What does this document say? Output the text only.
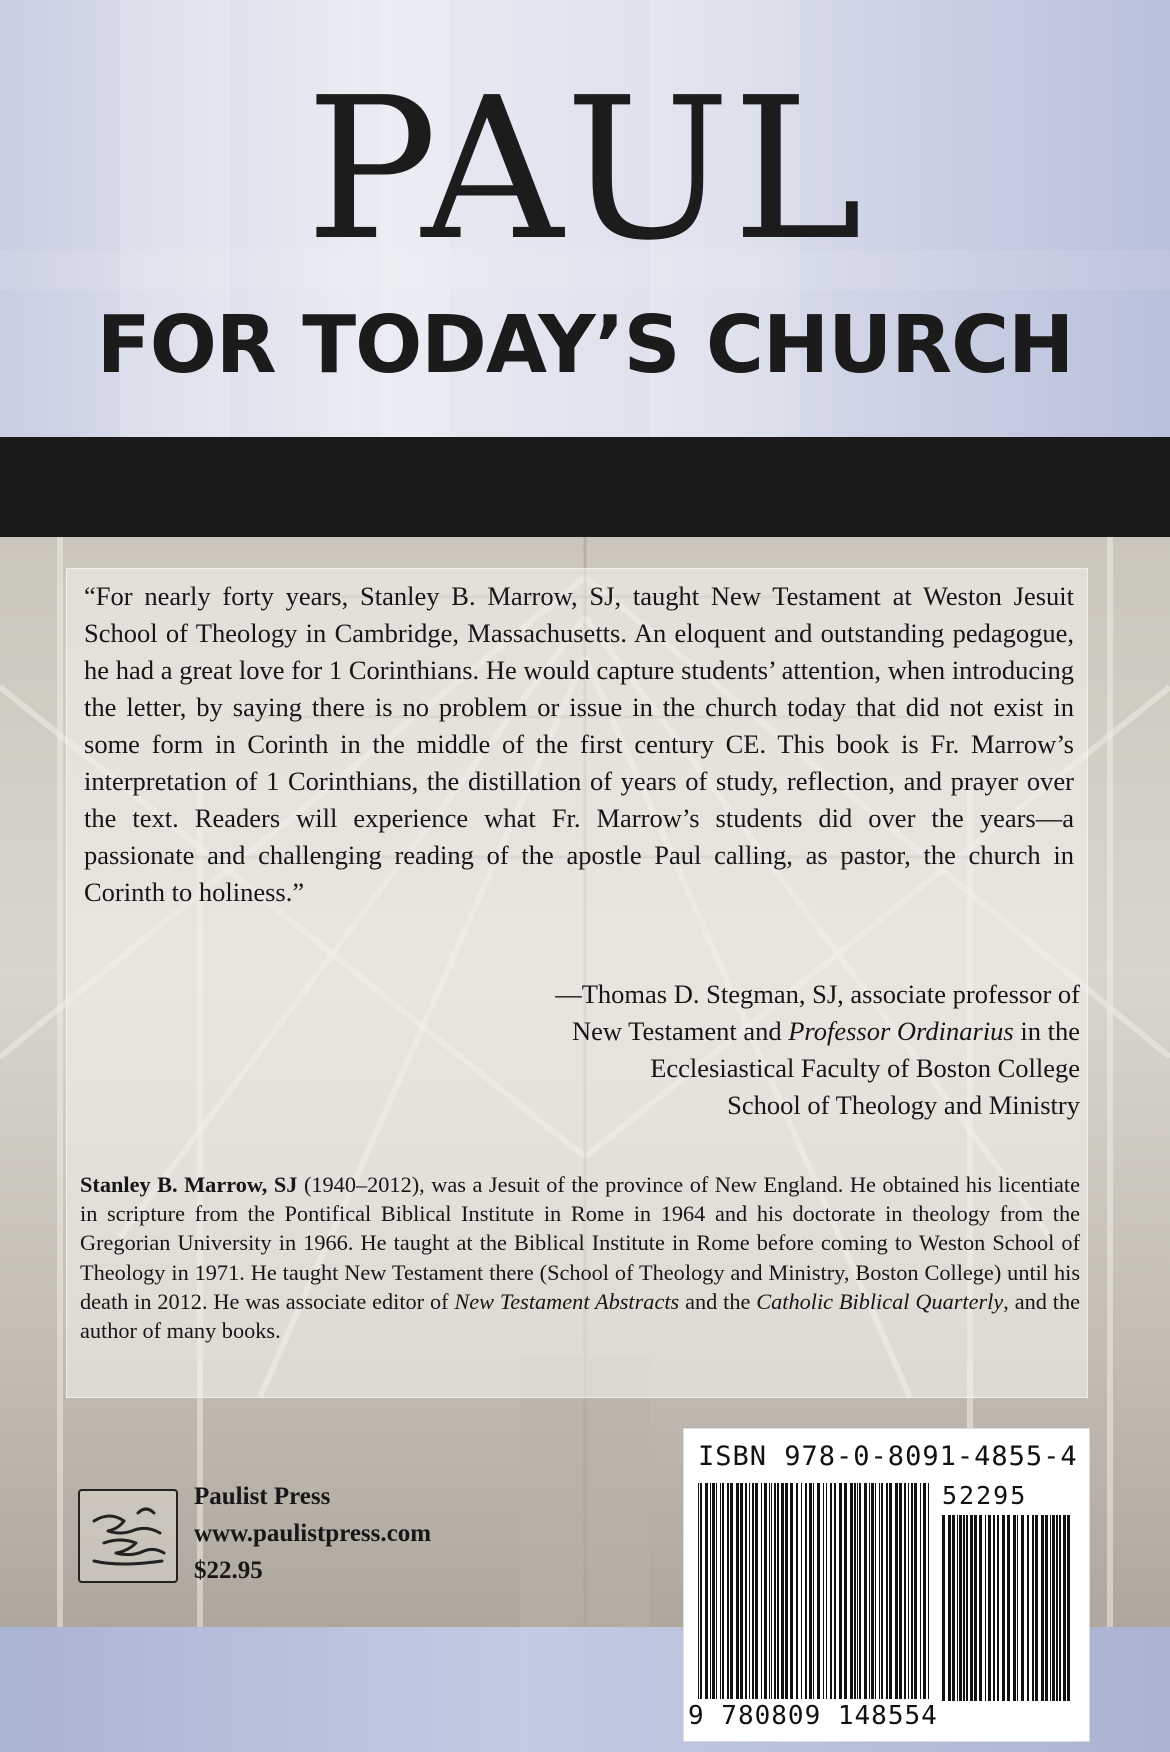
PAUL
FOR TODAY’S CHURCH

“For nearly forty years, Stanley B. Marrow, SJ, taught New Testament at Weston Jesuit School of Theology in Cambridge, Massachusetts. An eloquent and outstanding pedagogue, he had a great love for 1 Corinthians. He would capture students’ attention, when introducing the letter, by saying there is no problem or issue in the church today that did not exist in some form in Corinth in the middle of the first century CE. This book is Fr. Marrow’s interpretation of 1 Corinthians, the distillation of years of study, reflection, and prayer over the text. Readers will experience what Fr. Marrow’s students did over the years—a passionate and challenging reading of the apostle Paul calling, as pastor, the church in Corinth to holiness.”

—Thomas D. Stegman, SJ, associate professor of
New Testament and Professor Ordinarius in the
Ecclesiastical Faculty of Boston College
School of Theology and Ministry

Stanley B. Marrow, SJ (1940–2012), was a Jesuit of the province of New England. He obtained his licentiate in scripture from the Pontifical Biblical Institute in Rome in 1964 and his doctorate in theology from the Gregorian University in 1966. He taught at the Biblical Institute in Rome before coming to Weston School of Theology in 1971. He taught New Testament there (School of Theology and Ministry, Boston College) until his death in 2012. He was associate editor of New Testament Abstracts and the Catholic Biblical Quarterly, and the author of many books.

Paulist Press
www.paulistpress.com
$22.95
ISBN 978-0-8091-4855-4
52295
9 780809 148554
